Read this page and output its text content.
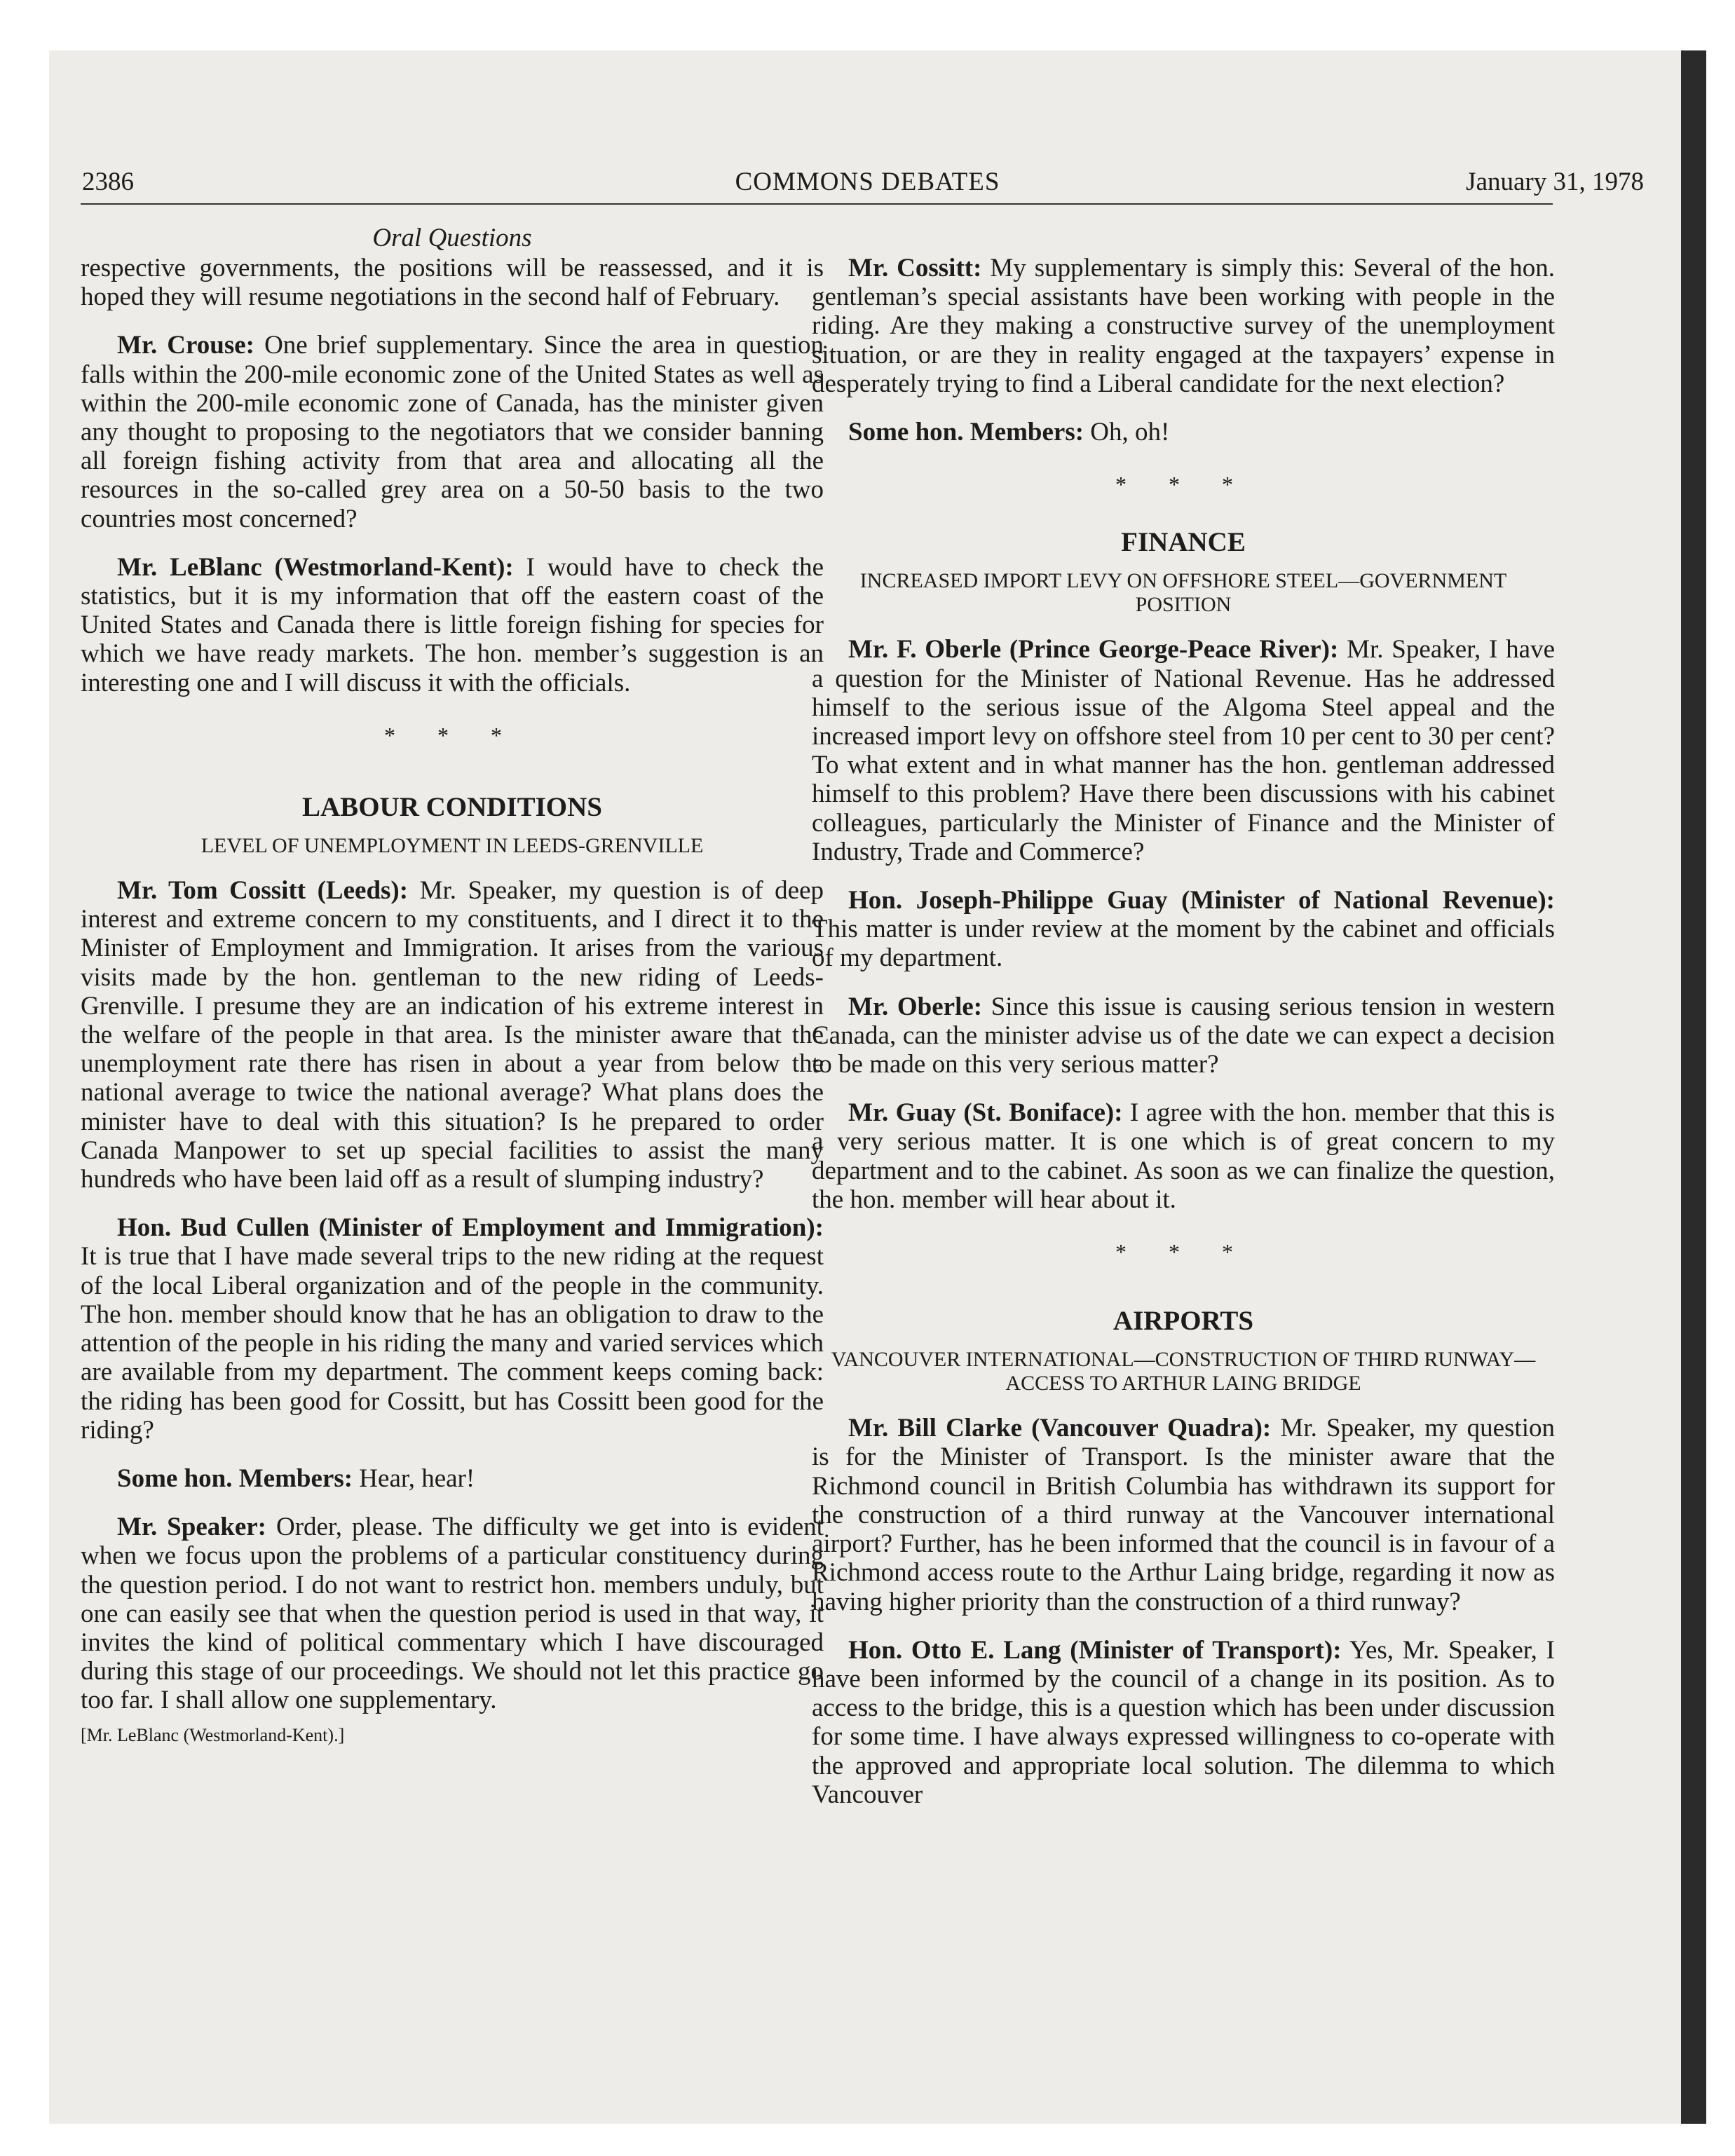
2386	COMMONS DEBATES	January 31, 1978
Oral Questions

respective governments, the positions will be reassessed, and it is hoped they will resume negotiations in the second half of February.

Mr. Crouse: One brief supplementary. Since the area in question falls within the 200-mile economic zone of the United States as well as within the 200-mile economic zone of Canada, has the minister given any thought to proposing to the negotiators that we consider banning all foreign fishing activity from that area and allocating all the resources in the so-called grey area on a 50-50 basis to the two countries most concerned?

Mr. LeBlanc (Westmorland-Kent): I would have to check the statistics, but it is my information that off the eastern coast of the United States and Canada there is little foreign fishing for species for which we have ready markets. The hon. member’s suggestion is an interesting one and I will discuss it with the officials.

* * *
LABOUR CONDITIONS
LEVEL OF UNEMPLOYMENT IN LEEDS-GRENVILLE

Mr. Tom Cossitt (Leeds): Mr. Speaker, my question is of deep interest and extreme concern to my constituents, and I direct it to the Minister of Employment and Immigration. It arises from the various visits made by the hon. gentleman to the new riding of Leeds-Grenville. I presume they are an indication of his extreme interest in the welfare of the people in that area. Is the minister aware that the unemployment rate there has risen in about a year from below the national average to twice the national average? What plans does the minister have to deal with this situation? Is he prepared to order Canada Manpower to set up special facilities to assist the many hundreds who have been laid off as a result of slumping industry?

Hon. Bud Cullen (Minister of Employment and Immigration): It is true that I have made several trips to the new riding at the request of the local Liberal organization and of the people in the community. The hon. member should know that he has an obligation to draw to the attention of the people in his riding the many and varied services which are available from my department. The comment keeps coming back: the riding has been good for Cossitt, but has Cossitt been good for the riding?

Some hon. Members: Hear, hear!

Mr. Speaker: Order, please. The difficulty we get into is evident when we focus upon the problems of a particular constituency during the question period. I do not want to restrict hon. members unduly, but one can easily see that when the question period is used in that way, it invites the kind of political commentary which I have discouraged during this stage of our proceedings. We should not let this practice go too far. I shall allow one supplementary.

[Mr. LeBlanc (Westmorland-Kent).]

Mr. Cossitt: My supplementary is simply this: Several of the hon. gentleman’s special assistants have been working with people in the riding. Are they making a constructive survey of the unemployment situation, or are they in reality engaged at the taxpayers’ expense in desperately trying to find a Liberal candidate for the next election?

Some hon. Members: Oh, oh!

* * *
FINANCE
INCREASED IMPORT LEVY ON OFFSHORE STEEL—GOVERNMENT POSITION

Mr. F. Oberle (Prince George-Peace River): Mr. Speaker, I have a question for the Minister of National Revenue. Has he addressed himself to the serious issue of the Algoma Steel appeal and the increased import levy on offshore steel from 10 per cent to 30 per cent? To what extent and in what manner has the hon. gentleman addressed himself to this problem? Have there been discussions with his cabinet colleagues, particularly the Minister of Finance and the Minister of Industry, Trade and Commerce?

Hon. Joseph-Philippe Guay (Minister of National Revenue): This matter is under review at the moment by the cabinet and officials of my department.

Mr. Oberle: Since this issue is causing serious tension in western Canada, can the minister advise us of the date we can expect a decision to be made on this very serious matter?

Mr. Guay (St. Boniface): I agree with the hon. member that this is a very serious matter. It is one which is of great concern to my department and to the cabinet. As soon as we can finalize the question, the hon. member will hear about it.

* * *
AIRPORTS
VANCOUVER INTERNATIONAL—CONSTRUCTION OF THIRD RUNWAY—ACCESS TO ARTHUR LAING BRIDGE

Mr. Bill Clarke (Vancouver Quadra): Mr. Speaker, my question is for the Minister of Transport. Is the minister aware that the Richmond council in British Columbia has withdrawn its support for the construction of a third runway at the Vancouver international airport? Further, has he been informed that the council is in favour of a Richmond access route to the Arthur Laing bridge, regarding it now as having higher priority than the construction of a third runway?

Hon. Otto E. Lang (Minister of Transport): Yes, Mr. Speaker, I have been informed by the council of a change in its position. As to access to the bridge, this is a question which has been under discussion for some time. I have always expressed willingness to co-operate with the approved and appropriate local solution. The dilemma to which Vancouver
